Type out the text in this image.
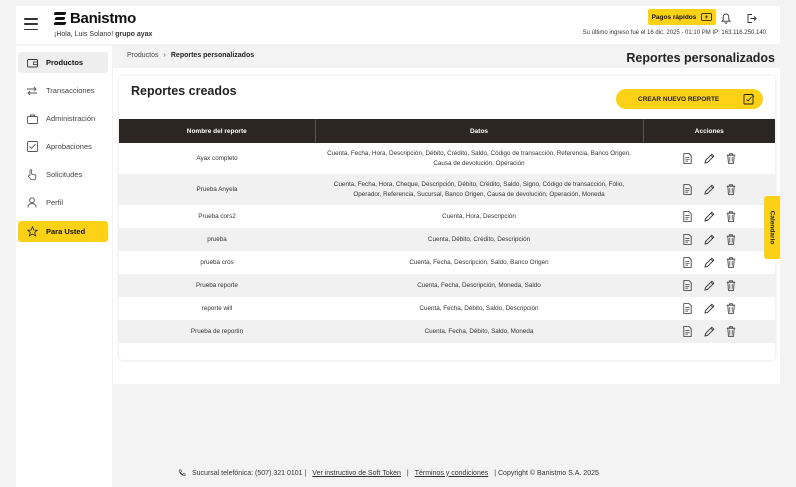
Banistmo
¡Hola, Luis Solano! grupo ayax
Pagos rápidos
Su último ingreso fue el 16 dic. 2025 - 01:10 PM IP: 163.116.250.140
Productos
Transacciones
Administración
Aprobaciones
Solicitudes
Perfil
Para Usted
Productos › Reportes personalizados	Reportes personalizados
Reportes creados
CREAR NUEVO REPORTE
Nombre del reporte	Datos	Acciones
Ayax completo	Cuenta, Fecha, Hora, Descripción, Débito, Crédito, Saldo, Código de transacción, Referencia, Banco Origen, Causa de devolución, Operación	

Prueba Anyela	Cuenta, Fecha, Hora, Cheque, Descripción, Débito, Crédito, Saldo, Signo, Código de transacción, Folio, Operador, Referencia, Sucursal, Banco Origen, Causa de devolución, Operación, Moneda	

Prueba cors2	Cuenta, Hora, Descripción	

prueba	Cuenta, Débito, Crédito, Descripción	

prueba cros	Cuenta, Fecha, Descripción, Saldo, Banco Origen	

Prueba reporte	Cuenta, Fecha, Descripción, Moneda, Saldo	

reporte will	Cuenta, Fecha, Débito, Saldo, Descripción	

Prueba de reportin	Cuenta, Fecha, Débito, Saldo, Moneda	
Calendario
Sucursal telefónica: (507) 321 0101 | Ver instructivo de Soft Token | Términos y condiciones | Copyright © Banistmo S.A. 2025
